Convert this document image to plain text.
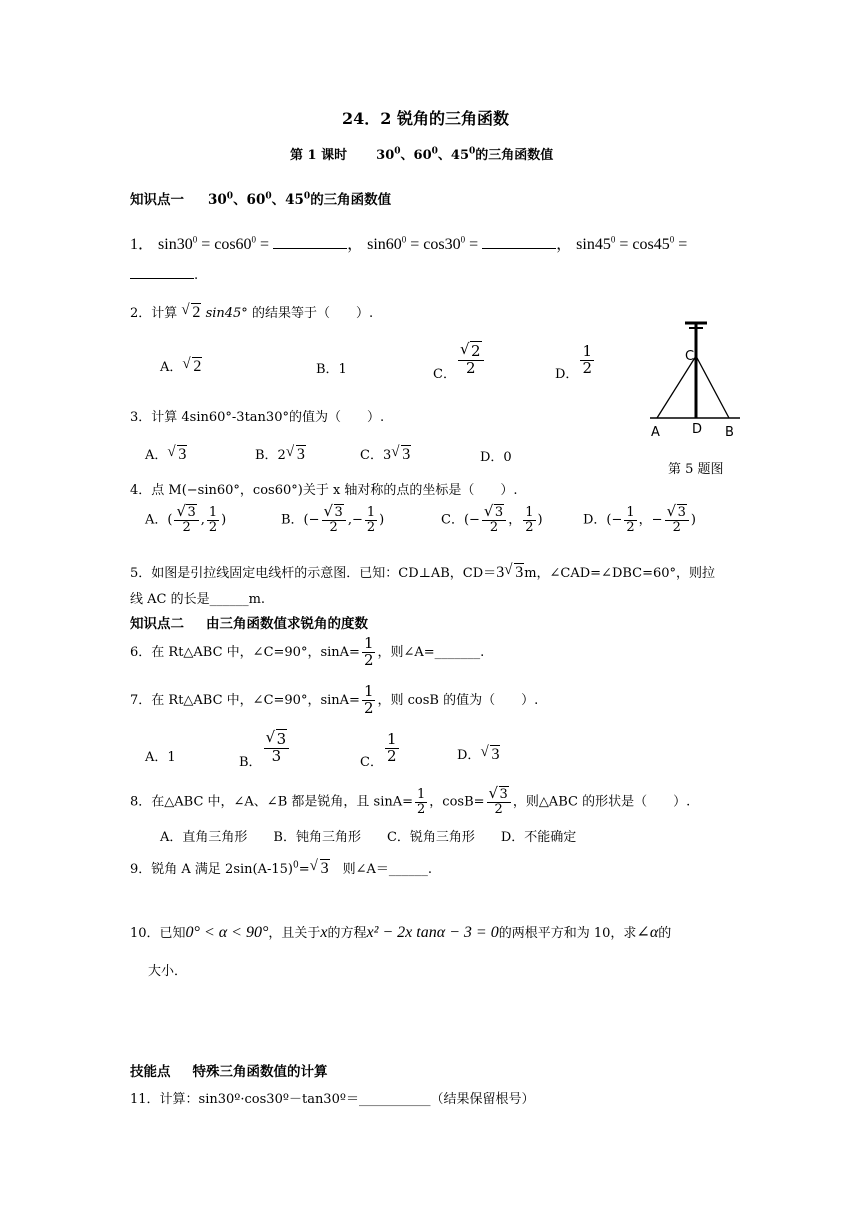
24．2 锐角的三角函数
第 1 课时 $30^0$、$60^0$、$45^0$的三角函数值
知识点一 $30^0$、$60^0$、$45^0$的三角函数值
1． $\sin 30^0 = \cos 60^0$ =	， $\sin 60^0 = \cos 30^0$ =	， $\sin 45^0 = \cos 45^0$ =
.
2．计算 √ 2 sin45° 的结果等于（　　）.
A．√ 2	B．1	C．
√ $\frac{2}{2}$	D． $\frac{1}{2}$	C
A D B
第 5 题图
3．计算 4sin60°-3tan30°的值为（　　）.
A．√ 3	B．2√ 3	C．3√ 3	D．0
4．点 M(−sin60°，cos60°)关于 x 轴对称的点的坐标是（　　）.
A．(
√ $\frac{3}{2}$ , $\frac{1}{2}$ )	B．(−
√ $\frac{3}{2}$ ,− $\frac{1}{2}$ )	C．(−
√ $\frac{3}{2}$ ， $\frac{1}{2}$ )	D．(− $\frac{1}{2}$ ，−
√ $\frac{3}{2}$ )
5．如图是引拉线固定电线杆的示意图．已知：CD⊥AB，CD＝3√ 3m，∠CAD=∠DBC=60°，则拉
线 AC 的长是______m.
知识点二 由三角函数值求锐角的度数
6．在 Rt△ABC 中，∠C=90°，$\sin A= \frac{1}{2}$ ，则∠A=_______.
7．在 Rt△ABC 中，∠C=90°，$\sin A= \frac{1}{2}$ ，则 cosB 的值为（　　）.
A．1	B．
√ $\frac{3}{3}$	C． $\frac{1}{2}$	D．√ 3
8．在△ABC 中，∠A、∠B 都是锐角，且 $\sin A= \frac{1}{2}$ ，cosB=
√ $\frac{3}{2}$ ，则△ABC 的形状是（　　）.
A．直角三角形　　B．钝角三角形　　C．锐角三角形　　D．不能确定
9．锐角 A 满足 $2\sin(A-15)^0=√$ 3　则∠A＝______.
10．已知0° < α < 90°，且关于x的方程x² − 2x tanα − 3 = 0的两根平方和为 10，求∠α的
大小．
技能点 特殊三角函数值的计算
11．计算：sin30º·cos30º－tan30º＝___________（结果保留根号）
